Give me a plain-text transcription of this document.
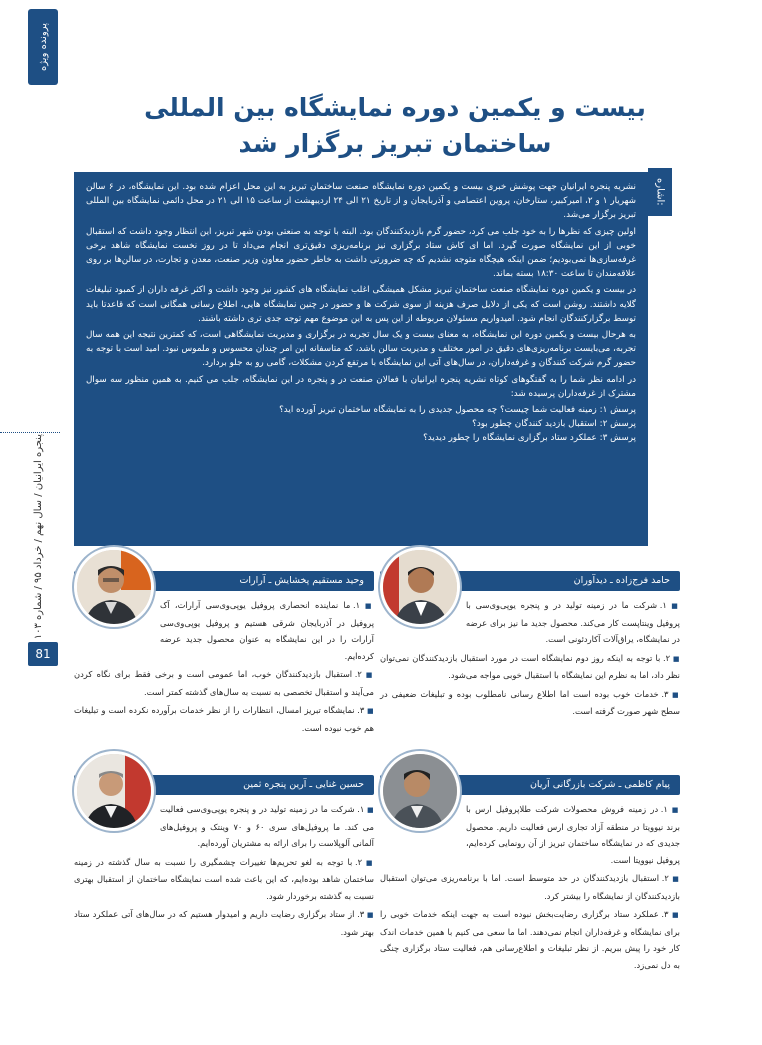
پرونده ویژه
پنجره ایرانیان / سال نهم / خرداد ۹۵ / شماره ۱۰۳
81
بیست و یکمین دوره نمایشگاه بین المللی
ساختمان تبریز برگزار شد
اشاره:

نشریه پنجره ایرانیان جهت پوشش خبری بیست و یکمین دوره نمایشگاه صنعت ساختمان تبریز به این محل اعزام شده بود. این نمایشگاه، در ۶ سالن شهریار ۱ و ۲، امیرکبیر، ستارخان، پروین اعتصامی و آذربایجان و از تاریخ ۲۱ الی ۲۴ اردیبهشت از ساعت ۱۵ الی ۲۱ در محل دائمی نمایشگاه بین المللی تبریز برگزار می‌شد.

اولین چیزی که نظرها را به خود جلب می کرد، حضور گرم بازدیدکنندگان بود. البته با توجه به صنعتی بودن شهر تبریز، این انتظار وجود داشت که استقبال خوبی از این نمایشگاه صورت گیرد. اما ای کاش ستاد برگزاری نیز برنامه‌ریزی دقیق‌تری انجام می‌داد تا در روز نخست نمایشگاه شاهد برخی غرفه‌سازی‌ها نمی‌بودیم؛ ضمن اینکه هیچگاه متوجه نشدیم که چه ضرورتی داشت به خاطر حضور معاون وزیر صنعت، معدن و تجارت، در سالن‌ها بر روی علاقه‌مندان تا ساعت ۱۸:۳۰ بسته بماند.

در بیست و یکمین دوره نمایشگاه صنعت ساختمان تبریز مشکل همیشگی اغلب نمایشگاه های کشور نیز وجود داشت و اکثر غرفه داران از کمبود تبلیغات گلایه داشتند. روشن است که یکی از دلایل صرف هزینه از سوی شرکت ها و حضور در چنین نمایشگاه هایی، اطلاع رسانی همگانی است که قاعدتا باید توسط برگزارکنندگان انجام شود. امیدواریم مسئولان مربوطه از این پس به این موضوع مهم توجه جدی تری داشته باشند.

به هرحال بیست و یکمین دوره این نمایشگاه، به معنای بیست و یک سال تجربه در برگزاری و مدیریت نمایشگاهی است، که کمترین نتیجه این همه سال تجربه، می‌بایست برنامه‌ریزی‌های دقیق در امور مختلف و مدیریت سالن باشد، که متاسفانه این امر چندان محسوس و ملموس نبود. امید است با توجه به حضور گرم شرکت کنندگان و غرفه‌داران، در سال‌های آتی این نمایشگاه با مرتفع کردن مشکلات، گامی رو به جلو بردارد.

در ادامه نظر شما را به گفتگوهای کوتاه نشریه پنجره ایرانیان با فعالان صنعت در و پنجره در این نمایشگاه، جلب می کنیم. به همین منظور سه سوال مشترک از غرفه‌داران پرسیده شد:

پرسش ۱: زمینه فعالیت شما چیست؟ چه محصول جدیدی را به نمایشگاه ساختمان تبریز آورده اید؟

پرسش ۲: استقبال بازدید کنندگان چطور بود؟

پرسش ۳: عملکرد ستاد برگزاری نمایشگاه را چطور دیدید؟

حامد فرج‌زاده ـ دیدآوران

■ ۱. شرکت ما در زمینه تولید در و پنجره یوپی‌وی‌سی با پروفیل وینتاپست کار می‌کند. محصول جدید ما نیز برای عرضه در نمایشگاه، یراق‌آلات آکاردئونی است.

■ ۲. با توجه به اینکه روز دوم نمایشگاه است در مورد استقبال بازدیدکنندگان نمی‌توان نظر داد، اما به نظرم این نمایشگاه با استقبال خوبی مواجه می‌شود.

■ ۳. خدمات خوب بوده است اما اطلاع رسانی نامطلوب بوده و تبلیغات ضعیفی در سطح شهر صورت گرفته است.

وحید مستقیم پخشایش ـ آرارات

■ ۱. ما نماینده انحصاری پروفیل یوپی‌وی‌سی آرارات، آک پروفیل در آذربایجان شرقی هستیم و پروفیل یوپی‌وی‌سی آرارات را در این نمایشگاه به عنوان محصول جدید عرضه کرده‌ایم.

■ ۲. استقبال بازدیدکنندگان خوب، اما عمومی است و برخی فقط برای نگاه کردن می‌آیند و استقبال تخصصی به نسبت به سال‌های گذشته کمتر است.

■ ۳. نمایشگاه تبریز امسال، انتظارات را از نظر خدمات برآورده نکرده است و تبلیغات هم خوب نبوده است.

پیام کاظمی ـ شرکت بازرگانی آریان

■ ۱. در زمینه فروش محصولات شرکت طلاپروفیل ارس با برند نیوویتا در منطقه آزاد تجاری ارس فعالیت داریم. محصول جدیدی که در نمایشگاه ساختمان تبریز از آن رونمایی کرده‌ایم، پروفیل نیوویتا است.

■ ۲. استقبال بازدیدکنندگان در حد متوسط است. اما با برنامه‌ریزی می‌توان استقبال بازدیدکنندگان از نمایشگاه را بیشتر کرد.

■ ۳. عملکرد ستاد برگزاری رضایت‌بخش نبوده است به جهت اینکه خدمات خوبی را برای نمایشگاه و غرفه‌داران انجام نمی‌دهند. اما ما سعی می کنیم با همین خدمات اندک کار خود را پیش ببریم. از نظر تبلیغات و اطلاع‌رسانی هم، فعالیت ستاد برگزاری چنگی به دل نمی‌زد.

حسین غنایی ـ آرین پنجره ثمین

■ ۱. شرکت ما در زمینه تولید در و پنجره یوپی‌وی‌سی فعالیت می کند. ما پروفیل‌های سری ۶۰ و ۷۰ وینتک و پروفیل‌های آلمانی آلوپلاست را برای ارائه به مشتریان آورده‌ایم.

■ ۲. با توجه به لغو تحریم‌ها تغییرات چشمگیری را نسبت به سال گذشته در زمینه ساختمان شاهد بوده‌ایم، که این باعث شده است نمایشگاه ساختمان از استقبال بهتری نسبت به گذشته برخوردار شود.

■ ۳. از ستاد برگزاری رضایت داریم و امیدوار هستیم که در سال‌های آتی عملکرد ستاد بهتر شود.
